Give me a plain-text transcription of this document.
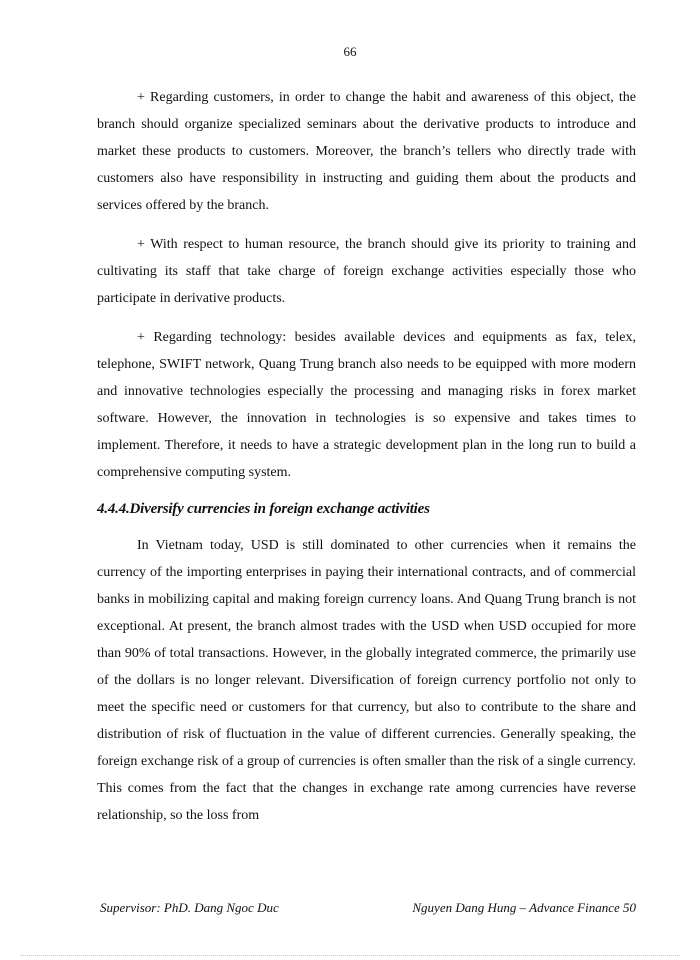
66

+ Regarding customers, in order to change the habit and awareness of this object, the branch should organize specialized seminars about the derivative products to introduce and market these products to customers. Moreover, the branch’s tellers who directly trade with customers also have responsibility in instructing and guiding them about the products and services offered by the branch.

+ With respect to human resource, the branch should give its priority to training and cultivating its staff that take charge of foreign exchange activities especially those who participate in derivative products.

+ Regarding technology: besides available devices and equipments as fax, telex, telephone, SWIFT network, Quang Trung branch also needs to be equipped with more modern and innovative technologies especially the processing and managing risks in forex market software. However, the innovation in technologies is so expensive and takes times to implement. Therefore, it needs to have a strategic development plan in the long run to build a comprehensive computing system.

4.4.4.Diversify currencies in foreign exchange activities

In Vietnam today, USD is still dominated to other currencies when it remains the currency of the importing enterprises in paying their international contracts, and of commercial banks in mobilizing capital and making foreign currency loans. And Quang Trung branch is not exceptional. At present, the branch almost trades with the USD when USD occupied for more than 90% of total transactions. However, in the globally integrated commerce, the primarily use of the dollars is no longer relevant. Diversification of foreign currency portfolio not only to meet the specific need or customers for that currency, but also to contribute to the share and distribution of risk of fluctuation in the value of different currencies. Generally speaking, the foreign exchange risk of a group of currencies is often smaller than the risk of a single currency. This comes from the fact that the changes in exchange rate among currencies have reverse relationship, so the loss from

Supervisor: PhD. Dang Ngoc Duc	Nguyen Dang Hung – Advance Finance 50
